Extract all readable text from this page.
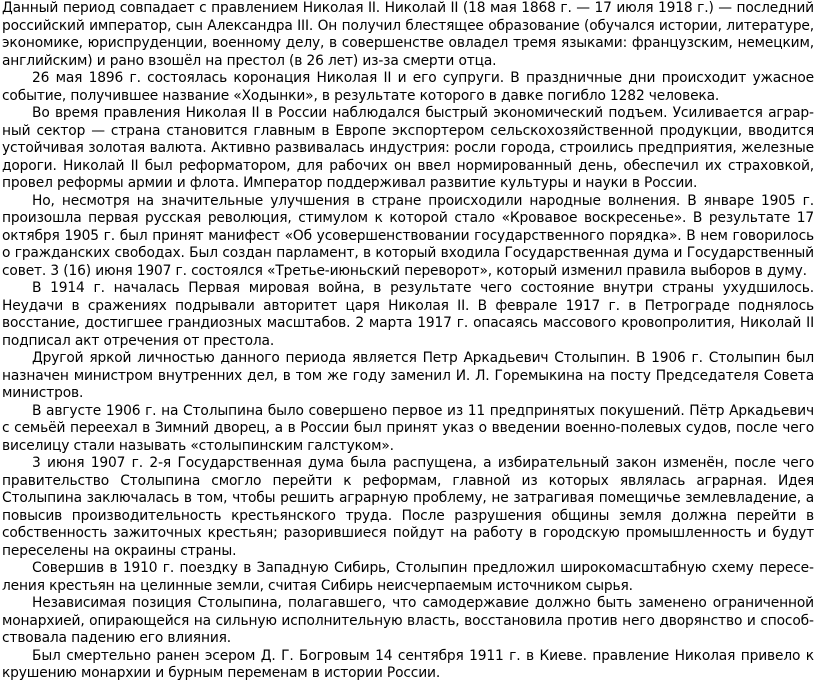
Данный период совпадает с правлением Николая II. Николай II (18 мая 1868 г. — 17 июля 1918 г.) — последний российский император, сын Александра III. Он получил блестящее образование (обучался истории, литературе, экономике, юриспруденции, военному делу, в совершенстве овладел тремя языками: французским, немецким, английским) и рано взошёл на престол (в 26 лет) из-за смерти отца.

26 мая 1896 г. состоялась коронация Николая II и его супруги. В праздничные дни происходит ужасное событие, получившее название «Ходынки», в результате которого в давке погибло 1282 человека.

Во время правления Николая II в России наблюдался быстрый экономический подъем. Усиливается аграрный сектор — страна становится главным в Европе экспортером сельскохозяйственной продукции, вводится устойчивая золотая валюта. Активно развивалась индустрия: росли города, строились предприятия, железные дороги. Николай II был реформатором, для рабочих он ввел нормированный день, обеспечил их страховкой, провел реформы армии и флота. Император поддерживал развитие культуры и науки в России.

Но, несмотря на значительные улучшения в стране происходили народные волнения. В январе 1905 г. произошла первая русская революция, стимулом к которой стало «Кровавое воскресенье». В результате 17 октября 1905 г. был принят манифест «Об усовершенствовании государственного порядка». В нем говорилось о гражданских свободах. Был создан парламент, в который входила Государственная дума и Государственный совет. 3 (16) июня 1907 г. состоялся «Третье-июньский переворот», который изменил правила выборов в думу.

В 1914 г. началась Первая мировая война, в результате чего состояние внутри страны ухудшилось. Неудачи в сражениях подрывали авторитет царя Николая II. В феврале 1917 г. в Петрограде поднялось восстание, достигшее грандиозных масштабов. 2 марта 1917 г. опасаясь массового кровопролития, Николай II подписал акт отречения от престола.

Другой яркой личностью данного периода является Петр Аркадьевич Столыпин. В 1906 г. Столыпин был назначен министром внутренних дел, в том же году заменил И. Л. Горемыкина на посту Председателя Совета министров.

В августе 1906 г. на Столыпина было совершено первое из 11 предпринятых покушений. Пётр Аркадьевич с семьёй переехал в Зимний дворец, а в России был принят указ о введении военно-полевых судов, после чего виселицу стали называть «столыпинским галстуком».

3 июня 1907 г. 2-я Государственная дума была распущена, а избирательный закон изменён, после чего правительство Столыпина смогло перейти к реформам, главной из которых являлась аграрная. Идея Столыпина заключалась в том, чтобы решить аграрную проблему, не затрагивая помещичье землевладение, а повысив производительность крестьянского труда. После разрушения общины земля должна перейти в собственность зажиточных крестьян; разорившиеся пойдут на работу в городскую промышленность и будут переселены на окраины страны.

Совершив в 1910 г. поездку в Западную Сибирь, Столыпин предложил широкомасштабную схему переселения крестьян на целинные земли, считая Сибирь неисчерпаемым источником сырья.

Независимая позиция Столыпина, полагавшего, что самодержавие должно быть заменено ограниченной монархией, опирающейся на сильную исполнительную власть, восстановила против него дворянство и способствовала падению его влияния.

Был смертельно ранен эсером Д. Г. Богровым 14 сентября 1911 г. в Киеве. правление Николая привело к крушению монархии и бурным переменам в истории России.
